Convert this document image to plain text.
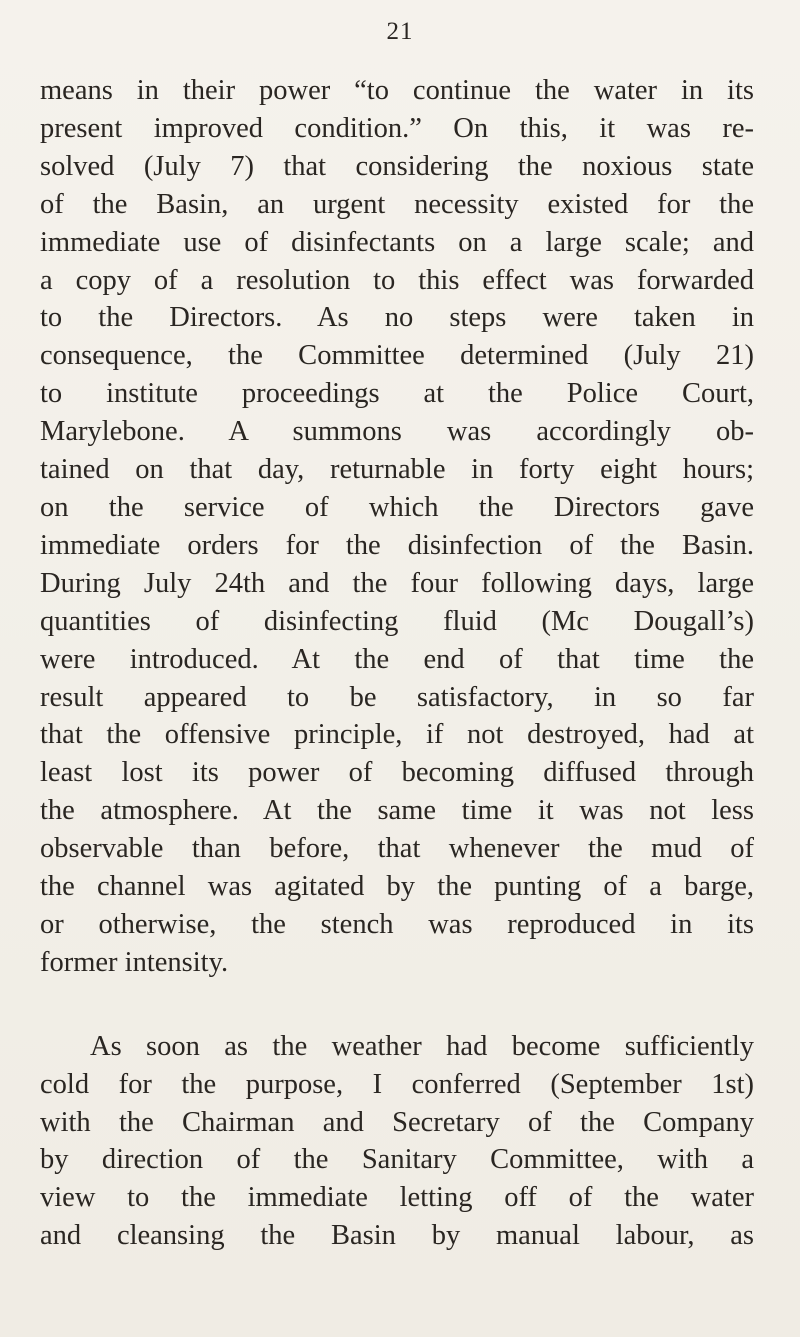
21

means in their power “to continue the water in its
present improved condition.” On this, it was re-
solved (July 7) that considering the noxious state
of the Basin, an urgent necessity existed for the
immediate use of disinfectants on a large scale; and
a copy of a resolution to this effect was forwarded
to the Directors. As no steps were taken in
consequence, the Committee determined (July 21)
to institute proceedings at the Police Court,
Marylebone. A summons was accordingly ob-
tained on that day, returnable in forty eight hours;
on the service of which the Directors gave
immediate orders for the disinfection of the Basin.
During July 24th and the four following days, large
quantities of disinfecting fluid (Mc Dougall’s)
were introduced. At the end of that time the
result appeared to be satisfactory, in so far
that the offensive principle, if not destroyed, had at
least lost its power of becoming diffused through
the atmosphere. At the same time it was not less
observable than before, that whenever the mud of
the channel was agitated by the punting of a barge,
or otherwise, the stench was reproduced in its
former intensity.

As soon as the weather had become sufficiently
cold for the purpose, I conferred (September 1st)
with the Chairman and Secretary of the Company
by direction of the Sanitary Committee, with a
view to the immediate letting off of the water
and cleansing the Basin by manual labour, as
